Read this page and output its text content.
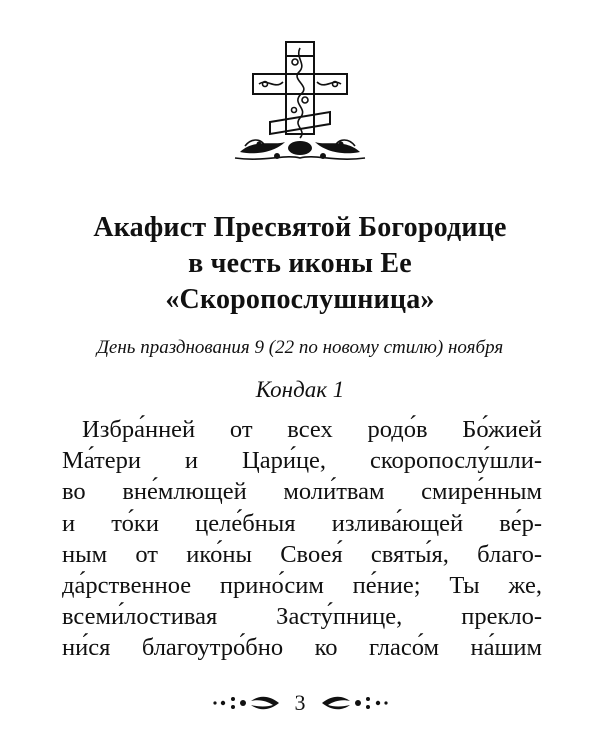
Акафист Пресвятой Богородице
в честь иконы Ее
«Скоропослушница»
День празднования 9 (22 по новому стилю) ноября
Кондак 1
Избра́нней от всех родо́в Бо́жией
Ма́тери и Цари́це, скоропослу́шли-
во вне́млющей моли́твам смире́нным
и то́ки целе́бныя излива́ющей ве́р-
ным от ико́ны Своея́ святы́я, благо-
да́рственное прино́сим пе́ние; Ты же,
всеми́лостивая Засту́пнице, прекло-
ни́ся благоутро́бно ко гласо́м на́шим
3
